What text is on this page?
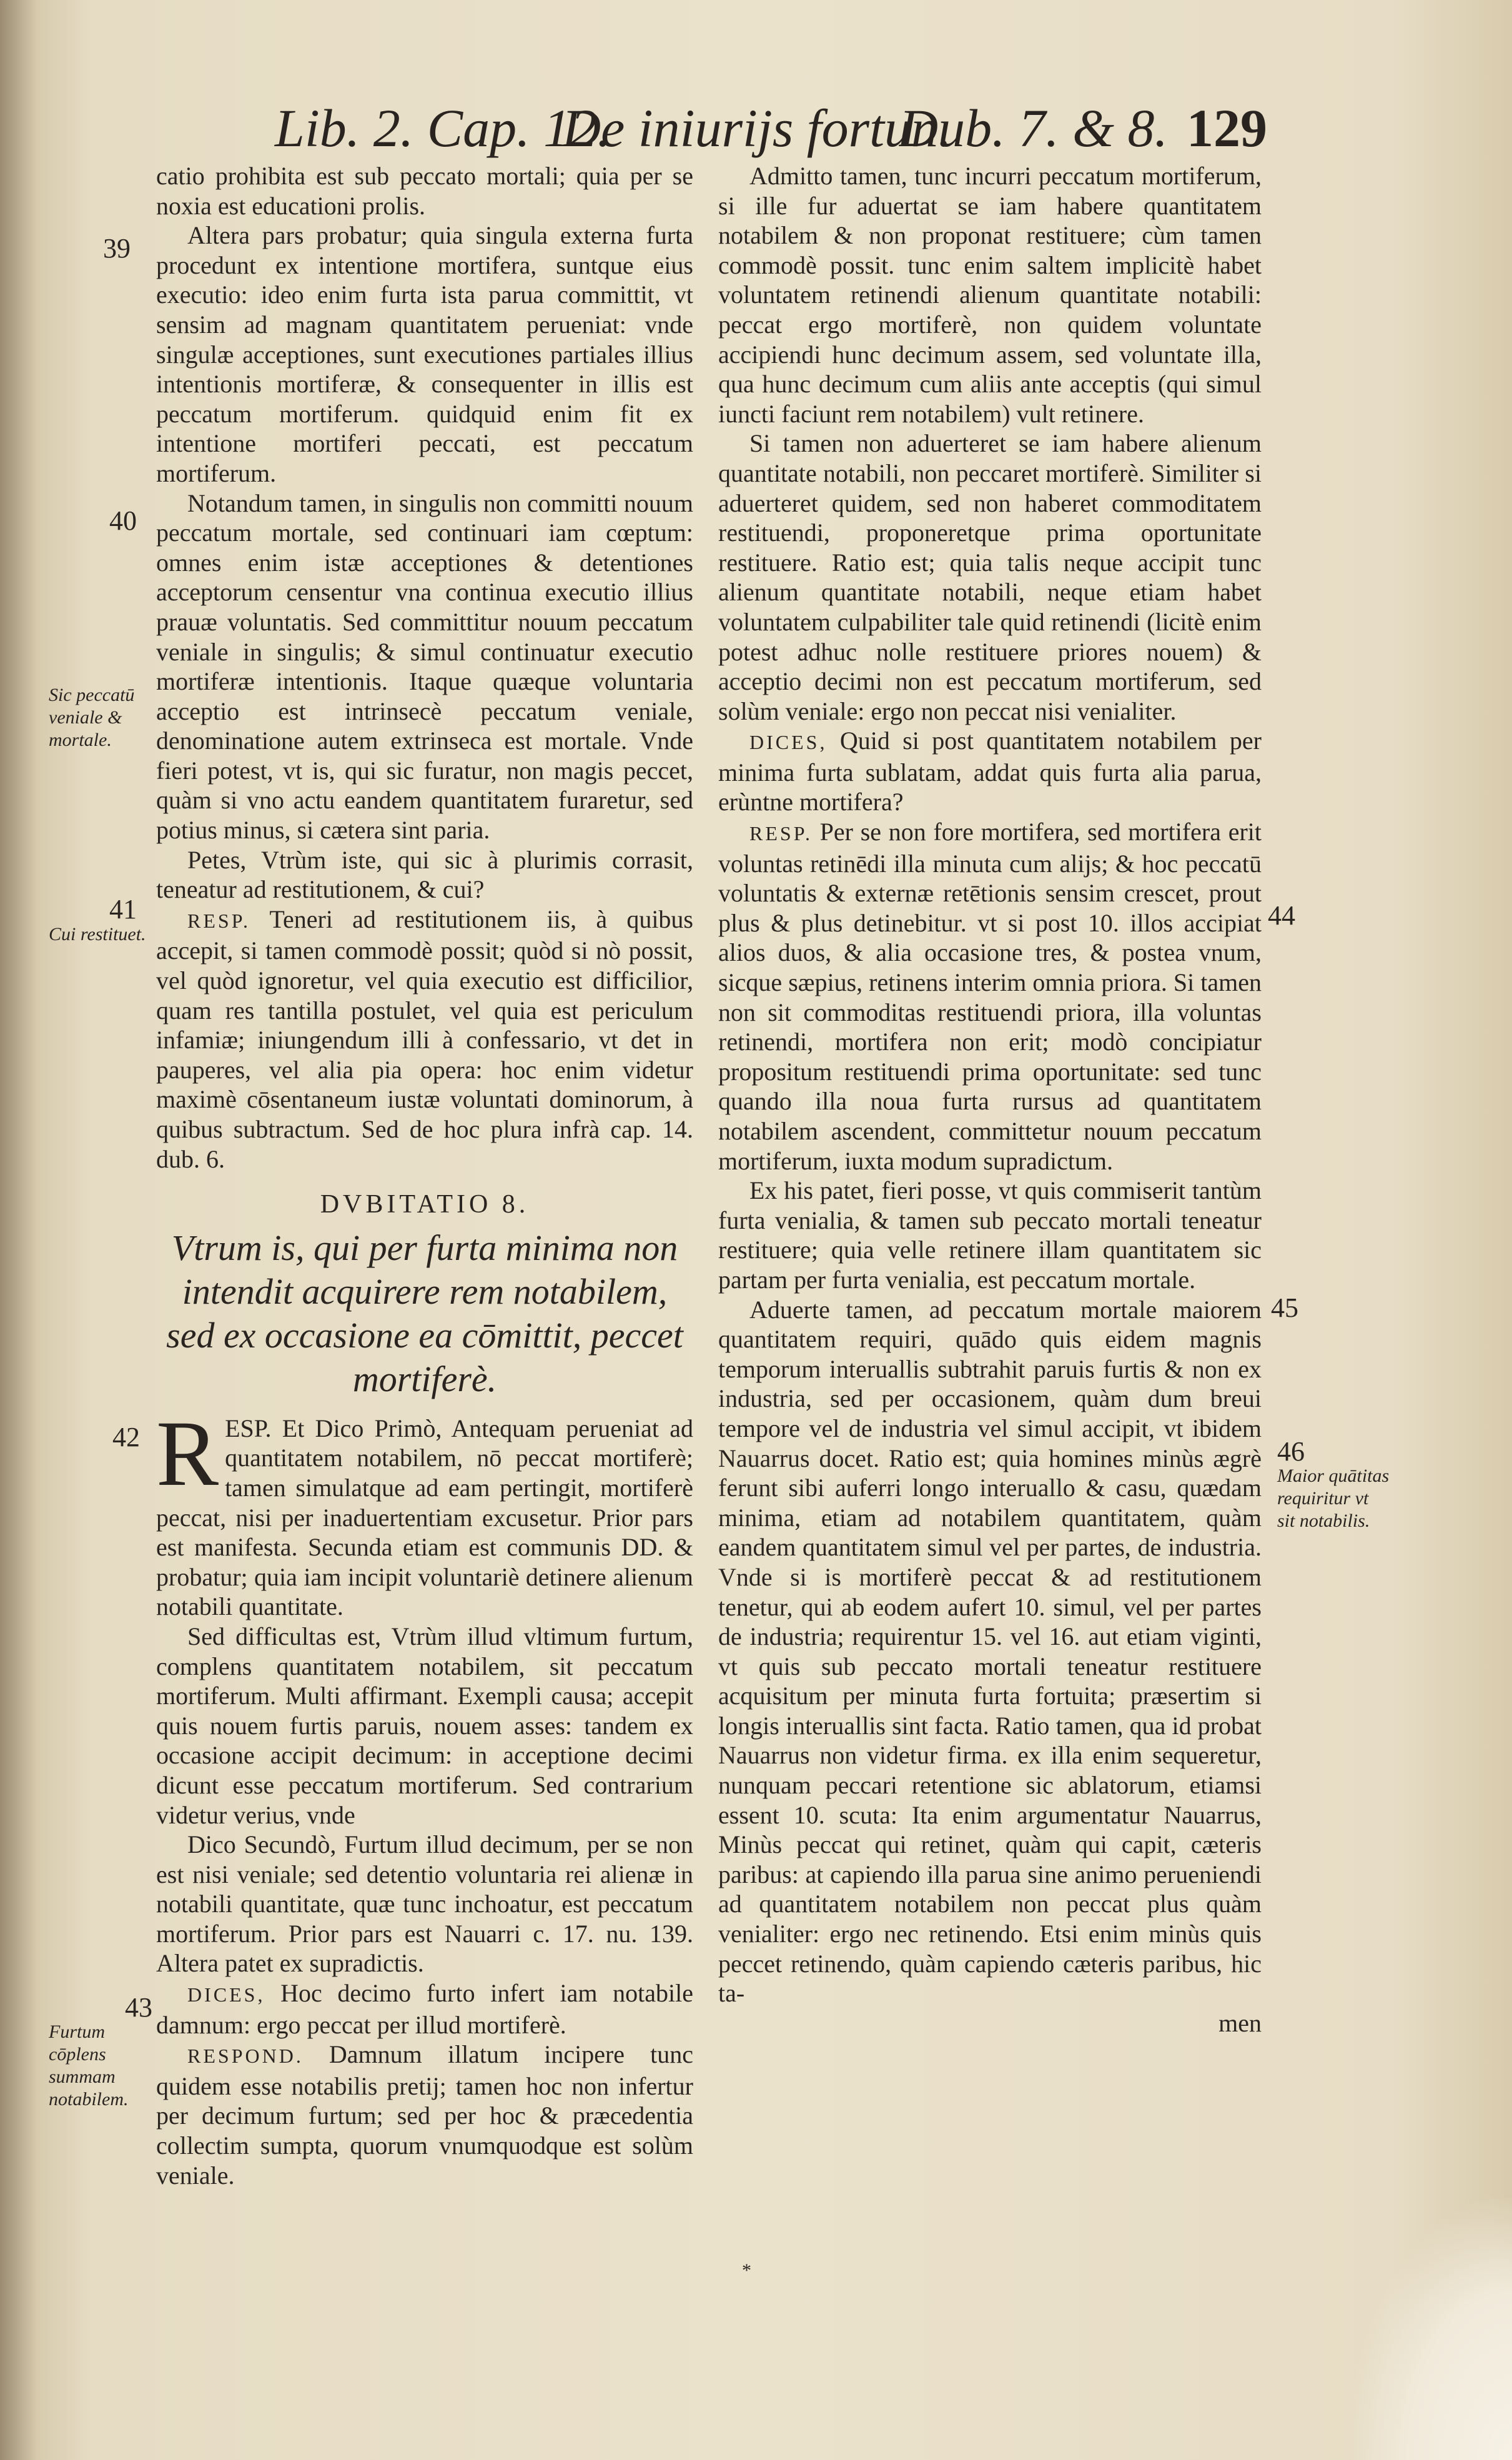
Lib. 2. Cap. 12.
De iniurijs fortun.
Dub. 7. & 8. 129

catio prohibita est sub peccato mortali; quia per se noxia est educationi prolis.

Altera pars probatur; quia singula externa furta procedunt ex intentione mortifera, suntque eius executio: ideo enim furta ista parua committit, vt sensim ad magnam quantitatem perueniat: vnde singulæ acceptiones, sunt executiones partiales illius intentionis mortiferæ, & consequenter in illis est peccatum mortiferum. quidquid enim fit ex intentione mortiferi peccati, est peccatum mortiferum.

Notandum tamen, in singulis non committi nouum peccatum mortale, sed continuari iam cœptum: omnes enim istæ acceptiones & detentiones acceptorum censentur vna continua executio illius prauæ voluntatis. Sed committitur nouum peccatum veniale in singulis; & simul continuatur executio mortiferæ intentionis. Itaque quæque voluntaria acceptio est intrinsecè peccatum veniale, denominatione autem extrinseca est mortale. Vnde fieri potest, vt is, qui sic furatur, non magis peccet, quàm si vno actu eandem quantitatem furaretur, sed potius minus, si cætera sint paria.

Petes, Vtrùm iste, qui sic à plurimis corrasit, teneatur ad restitutionem, & cui?

RESP. Teneri ad restitutionem iis, à quibus accepit, si tamen commodè possit; quòd si nò possit, vel quòd ignoretur, vel quia executio est difficilior, quam res tantilla postulet, vel quia est periculum infamiæ; iniungendum illi à confessario, vt det in pauperes, vel alia pia opera: hoc enim videtur maximè cōsentaneum iustæ voluntati dominorum, à quibus subtractum. Sed de hoc plura infrà cap. 14. dub. 6.

DVBITATIO 8.
Vtrum is, qui per furta minima non intendit acquirere rem notabilem, sed ex occasione ea cōmittit, peccet mortiferè.

RESP. Et Dico Primò, Antequam perueniat ad quantitatem notabilem, nō peccat mortiferè; tamen simulatque ad eam pertingit, mortiferè peccat, nisi per inaduertentiam excusetur. Prior pars est manifesta. Secunda etiam est communis DD. & probatur; quia iam incipit voluntariè detinere alienum notabili quantitate.

Sed difficultas est, Vtrùm illud vltimum furtum, complens quantitatem notabilem, sit peccatum mortiferum. Multi affirmant. Exempli causa; accepit quis nouem furtis paruis, nouem asses: tandem ex occasione accipit decimum: in acceptione decimi dicunt esse peccatum mortiferum. Sed contrarium videtur verius, vnde

Dico Secundò, Furtum illud decimum, per se non est nisi veniale; sed detentio voluntaria rei alienæ in notabili quantitate, quæ tunc inchoatur, est peccatum mortiferum. Prior pars est Nauarri c. 17. nu. 139. Altera patet ex supradictis.

DICES, Hoc decimo furto infert iam notabile damnum: ergo peccat per illud mortiferè.

RESPOND. Damnum illatum incipere tunc quidem esse notabilis pretij; tamen hoc non infertur per decimum furtum; sed per hoc & præcedentia collectim sumpta, quorum vnumquodque est solùm veniale.

Admitto tamen, tunc incurri peccatum mortiferum, si ille fur aduertat se iam habere quantitatem notabilem & non proponat restituere; cùm tamen commodè possit. tunc enim saltem implicitè habet voluntatem retinendi alienum quantitate notabili: peccat ergo mortiferè, non quidem voluntate accipiendi hunc decimum assem, sed voluntate illa, qua hunc decimum cum aliis ante acceptis (qui simul iuncti faciunt rem notabilem) vult retinere.

Si tamen non aduerteret se iam habere alienum quantitate notabili, non peccaret mortiferè. Similiter si aduerteret quidem, sed non haberet commoditatem restituendi, proponeretque prima oportunitate restituere. Ratio est; quia talis neque accipit tunc alienum quantitate notabili, neque etiam habet voluntatem culpabiliter tale quid retinendi (licitè enim potest adhuc nolle restituere priores nouem) & acceptio decimi non est peccatum mortiferum, sed solùm veniale: ergo non peccat nisi venialiter.

DICES, Quid si post quantitatem notabilem per minima furta sublatam, addat quis furta alia parua, erùntne mortifera?

RESP. Per se non fore mortifera, sed mortifera erit voluntas retinēdi illa minuta cum alijs; & hoc peccatū voluntatis & externæ retētionis sensim crescet, prout plus & plus detinebitur. vt si post 10. illos accipiat alios duos, & alia occasione tres, & postea vnum, sicque sæpius, retinens interim omnia priora. Si tamen non sit commoditas restituendi priora, illa voluntas retinendi, mortifera non erit; modò concipiatur propositum restituendi prima oportunitate: sed tunc quando illa noua furta rursus ad quantitatem notabilem ascendent, committetur nouum peccatum mortiferum, iuxta modum supradictum.

Ex his patet, fieri posse, vt quis commiserit tantùm furta venialia, & tamen sub peccato mortali teneatur restituere; quia velle retinere illam quantitatem sic partam per furta venialia, est peccatum mortale.

Aduerte tamen, ad peccatum mortale maiorem quantitatem requiri, quādo quis eidem magnis temporum interuallis subtrahit paruis furtis & non ex industria, sed per occasionem, quàm dum breui tempore vel de industria vel simul accipit, vt ibidem Nauarrus docet. Ratio est; quia homines minùs ægrè ferunt sibi auferri longo interuallo & casu, quædam minima, etiam ad notabilem quantitatem, quàm eandem quantitatem simul vel per partes, de industria. Vnde si is mortiferè peccat & ad restitutionem tenetur, qui ab eodem aufert 10. simul, vel per partes de industria; requirentur 15. vel 16. aut etiam viginti, vt quis sub peccato mortali teneatur restituere acquisitum per minuta furta fortuita; præsertim si longis interuallis sint facta. Ratio tamen, qua id probat Nauarrus non videtur firma. ex illa enim sequeretur, nunquam peccari retentione sic ablatorum, etiamsi essent 10. scuta: Ita enim argumentatur Nauarrus, Minùs peccat qui retinet, quàm qui capit, cæteris paribus: at capiendo illa parua sine animo perueniendi ad quantitatem notabilem non peccat plus quàm venialiter: ergo nec retinendo. Etsi enim minùs quis peccet retinendo, quàm capiendo cæteris paribus, hic ta-

men

Sic peccatū veniale & mortale.
Cui restituet.
Furtum cōplens summam notabilem.
Maior quātitas requiritur vt sit notabilis.
39
40
41
42
43
44
45
46
*
